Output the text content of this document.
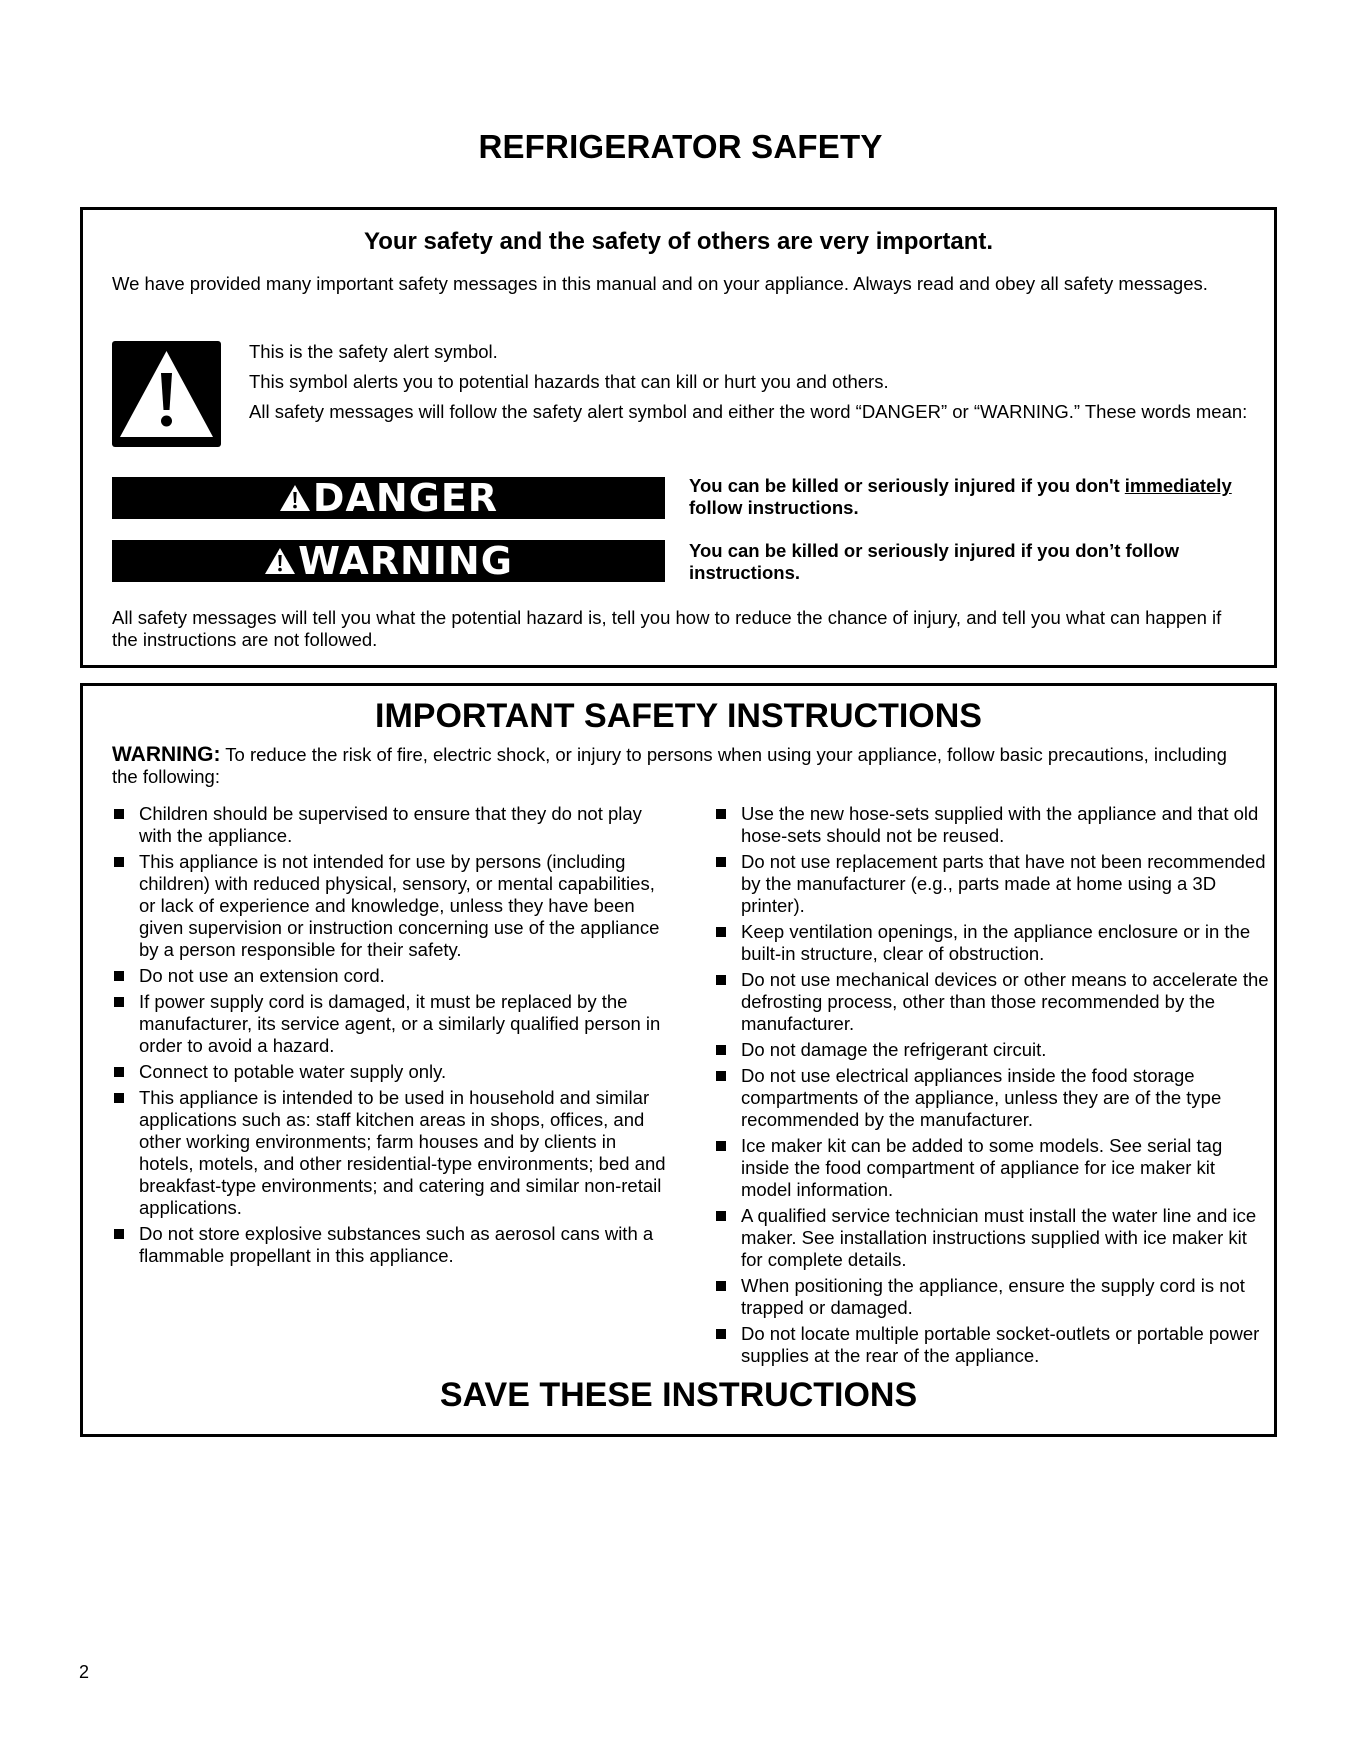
REFRIGERATOR SAFETY
Your safety and the safety of others are very important.
We have provided many important safety messages in this manual and on your appliance. Always read and obey all safety messages.

This is the safety alert symbol.

This symbol alerts you to potential hazards that can kill or hurt you and others.

All safety messages will follow the safety alert symbol and either the word “DANGER” or “WARNING.” These words mean:

DANGER	You can be killed or seriously injured if you don't immediately follow instructions.
WARNING	You can be killed or seriously injured if you don’t follow instructions.
All safety messages will tell you what the potential hazard is, tell you how to reduce the chance of injury, and tell you what can happen if the instructions are not followed.
IMPORTANT SAFETY INSTRUCTIONS
WARNING: To reduce the risk of fire, electric shock, or injury to persons when using your appliance, follow basic precautions, including the following:
Children should be supervised to ensure that they do not play with the appliance.
This appliance is not intended for use by persons (including children) with reduced physical, sensory, or mental capabilities, or lack of experience and knowledge, unless they have been given supervision or instruction concerning use of the appliance by a person responsible for their safety.
Do not use an extension cord.
If power supply cord is damaged, it must be replaced by the manufacturer, its service agent, or a similarly qualified person in order to avoid a hazard.
Connect to potable water supply only.
This appliance is intended to be used in household and similar applications such as: staff kitchen areas in shops, offices, and other working environments; farm houses and by clients in hotels, motels, and other residential-type environments; bed and breakfast-type environments; and catering and similar non-retail applications.
Do not store explosive substances such as aerosol cans with a flammable propellant in this appliance.
Use the new hose-sets supplied with the appliance and that old hose-sets should not be reused.
Do not use replacement parts that have not been recommended by the manufacturer (e.g., parts made at home using a 3D printer).
Keep ventilation openings, in the appliance enclosure or in the built-in structure, clear of obstruction.
Do not use mechanical devices or other means to accelerate the defrosting process, other than those recommended by the manufacturer.
Do not damage the refrigerant circuit.
Do not use electrical appliances inside the food storage compartments of the appliance, unless they are of the type recommended by the manufacturer.
Ice maker kit can be added to some models. See serial tag inside the food compartment of appliance for ice maker kit model information.
A qualified service technician must install the water line and ice maker. See installation instructions supplied with ice maker kit for complete details.
When positioning the appliance, ensure the supply cord is not trapped or damaged.
Do not locate multiple portable socket-outlets or portable power supplies at the rear of the appliance.
SAVE THESE INSTRUCTIONS
2
